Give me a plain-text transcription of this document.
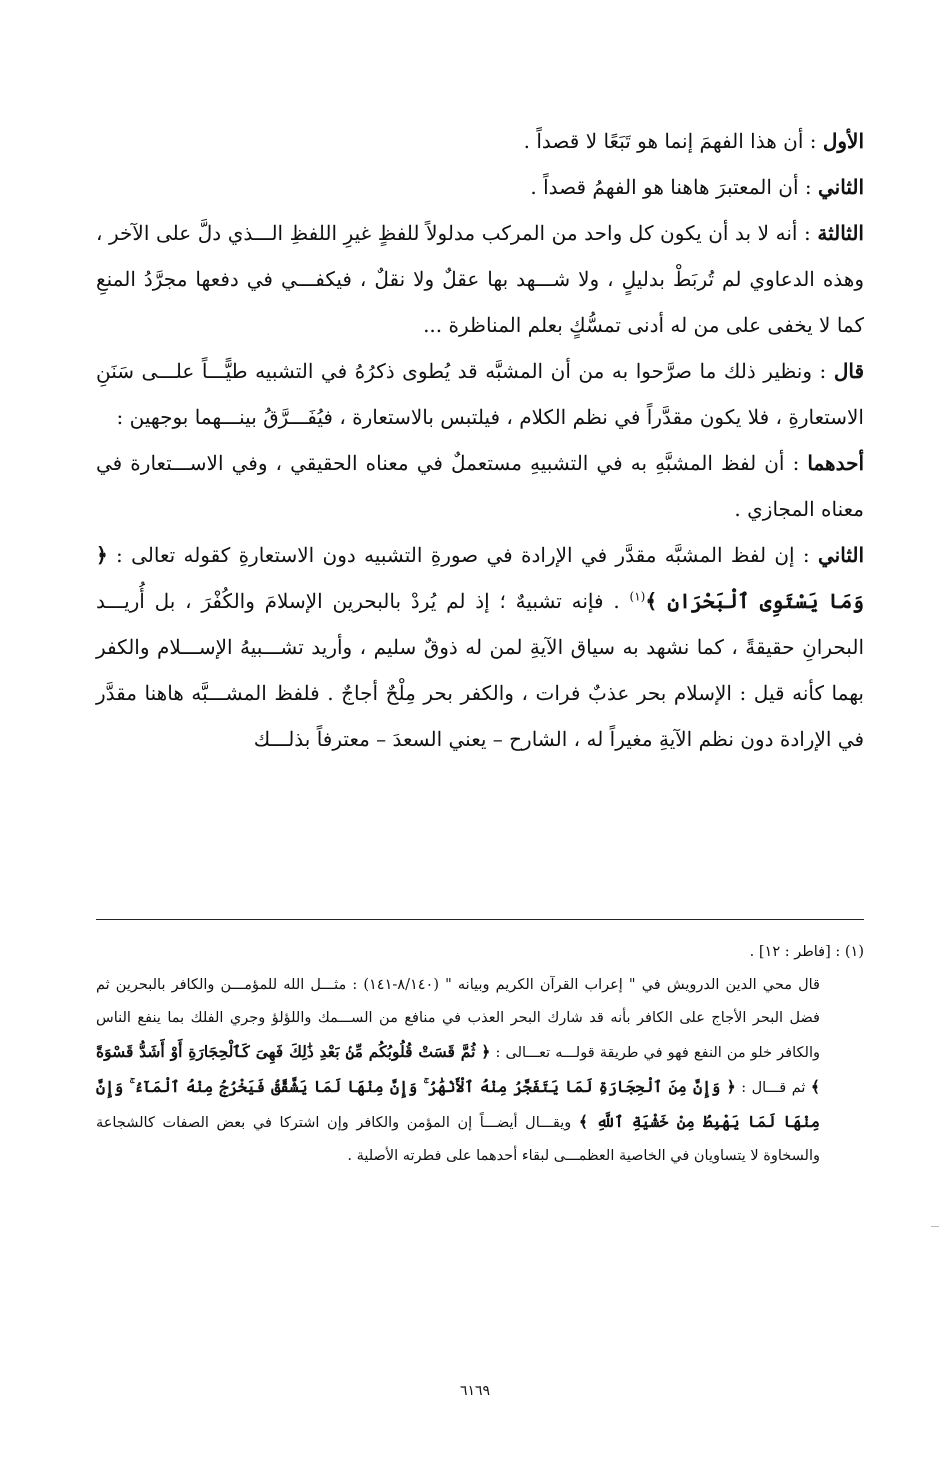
الأول : أن هذا الفهمَ إنما هو تَبَعًا لا قصداً .

الثاني : أن المعتبرَ هاهنا هو الفهمُ قصداً .

الثالثة : أنه لا بد أن يكون كل واحد من المركب مدلولاً للفظٍ غيرِ اللفظِ الـــذي دلَّ على الآخر ، وهذه الدعاوي لم تُربَطْ بدليلٍ ، ولا شـــهد بها عقلٌ ولا نقلٌ ، فيكفـــي في دفعها مجرَّدُ المنعِ كما لا يخفى على من له أدنى تمسُّكٍ بعلم المناظرة ...

قال : ونظير ذلك ما صرَّحوا به من أن المشبَّه قد يُطوى ذكرُهُ في التشبيه طيًّـــاً علـــى سَنَنِ الاستعارةِ ، فلا يكون مقدَّراً في نظم الكلام ، فيلتبس بالاستعارة ، فيُفَـــرَّقُ بينـــهما بوجهين :

أحدهما : أن لفظ المشبَّهِ به في التشبيهِ مستعملٌ في معناه الحقيقي ، وفي الاســـتعارة في معناه المجازي .

الثاني : إن لفظ المشبَّه مقدَّر في الإرادة في صورةِ التشبيه دون الاستعارةِ كقوله تعالى : ﴿ وَمَا يَسْتَوِى ٱلْبَحْرَانِ ﴾$^{(١)}$ . فإنه تشبيهٌ ؛ إذ لم يُردْ بالبحرين الإسلامَ والكُفْرَ ، بل أُريـــد البحرانِ حقيقةً ، كما نشهد به سياق الآيةِ لمن له ذوقٌ سليم ، وأريد تشـــبيهُ الإســـلام والكفر بهما كأنه قيل : الإسلام بحر عذبٌ فرات ، والكفر بحر مِلْحٌ أجاجٌ . فلفظ المشـــبَّه هاهنا مقدَّر في الإرادة دون نظم الآيةِ مغيراً له ، الشارح – يعني السعدَ – معترفاً بذلـــك

(١) : [فاطر : ١٢] .

قال محي الدين الدرويش في " إعراب القرآن الكريم وبيانه " (٨/١٤٠-١٤١) : مثـــل الله للمؤمـــن والكافر بالبحرين ثم فضل البحر الأجاج على الكافر بأنه قد شارك البحر العذب في منافع من الســـمك واللؤلؤ وجري الفلك بما ينفع الناس والكافر خلو من النفع فهو في طريقة قولـــه تعـــالى : ﴿ ثُمَّ قَسَتْ قُلُوبُكُم مِّنۢ بَعْدِ ذَٰلِكَ فَهِىَ كَٱلْحِجَارَةِ أَوْ أَشَدُّ قَسْوَةً ﴾ ثم قـــال : ﴿ وَإِنَّ مِنَ ٱلْحِجَارَةِ لَمَا يَتَفَجَّرُ مِنْهُ ٱلْأَنْهَٰرُ ۚ وَإِنَّ مِنْهَا لَمَا يَشَّقَّقُ فَيَخْرُجُ مِنْهُ ٱلْمَآءُ ۚ وَإِنَّ مِنْهَا لَمَا يَهْبِطُ مِنْ خَشْيَةِ ٱللَّهِ ﴾ ويقـــال أيضـــاً إن المؤمن والكافر وإن اشتركا في بعض الصفات كالشجاعة والسخاوة لا يتساويان في الخاصية العظمـــى لبقاء أحدهما على فطرته الأصلية .

٦١٦٩
